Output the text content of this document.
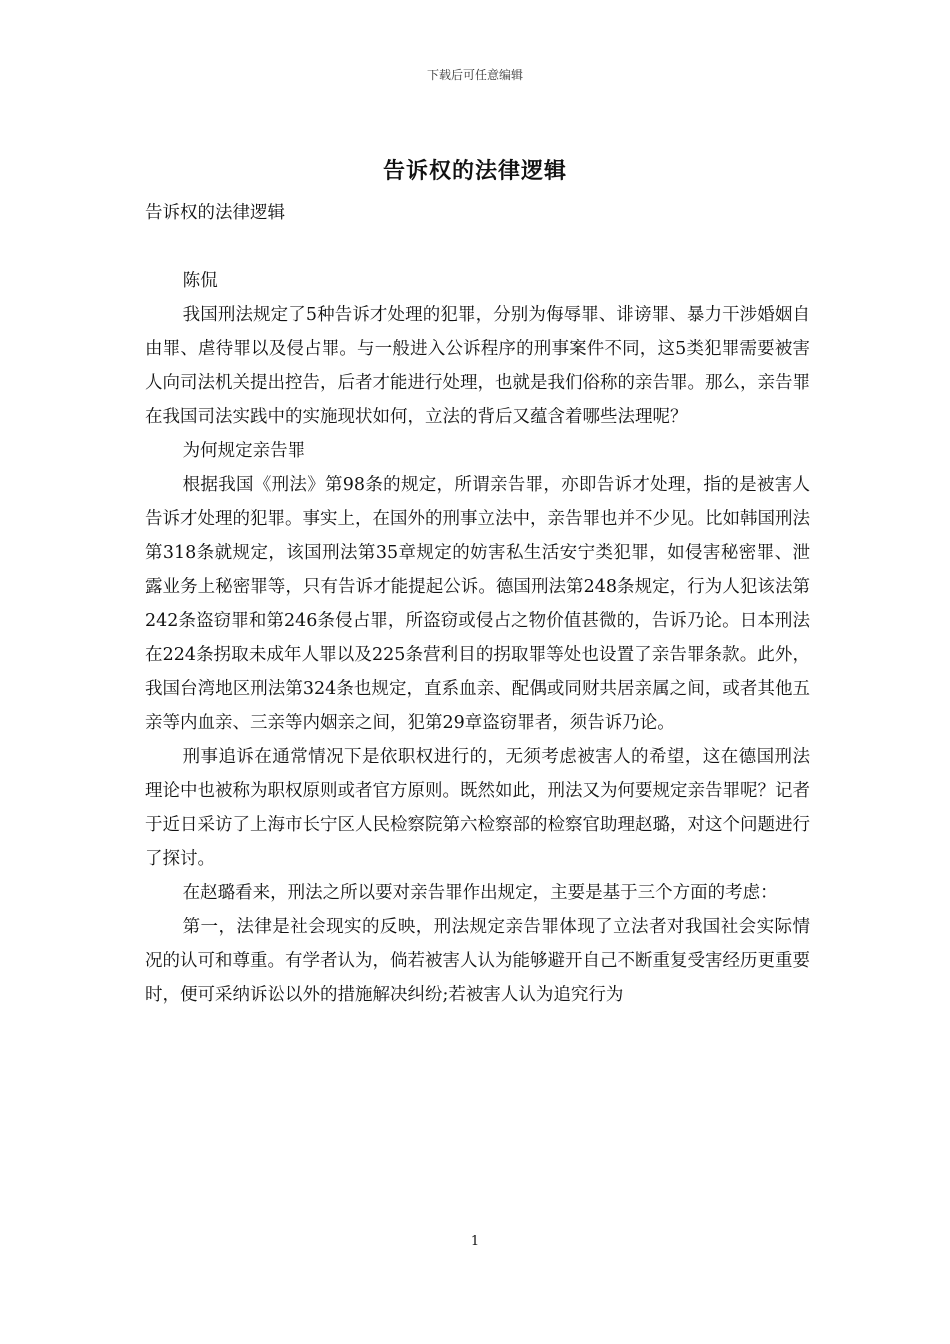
下载后可任意编辑
告诉权的法律逻辑

告诉权的法律逻辑

陈侃

我国刑法规定了5种告诉才处理的犯罪，分别为侮辱罪、诽谤罪、暴力干涉婚姻自由罪、虐待罪以及侵占罪。与一般进入公诉程序的刑事案件不同，这5类犯罪需要被害人向司法机关提出控告，后者才能进行处理，也就是我们俗称的亲告罪。那么，亲告罪在我国司法实践中的实施现状如何，立法的背后又蕴含着哪些法理呢？

为何规定亲告罪

根据我国《刑法》第98条的规定，所谓亲告罪，亦即告诉才处理，指的是被害人告诉才处理的犯罪。事实上，在国外的刑事立法中，亲告罪也并不少见。比如韩国刑法第318条就规定，该国刑法第35章规定的妨害私生活安宁类犯罪，如侵害秘密罪、泄露业务上秘密罪等，只有告诉才能提起公诉。德国刑法第248条规定，行为人犯该法第242条盗窃罪和第246条侵占罪，所盗窃或侵占之物价值甚微的，告诉乃论。日本刑法在224条拐取未成年人罪以及225条营利目的拐取罪等处也设置了亲告罪条款。此外，我国台湾地区刑法第324条也规定，直系血亲、配偶或同财共居亲属之间，或者其他五亲等内血亲、三亲等内姻亲之间，犯第29章盗窃罪者，须告诉乃论。

刑事追诉在通常情况下是依职权进行的，无须考虑被害人的希望，这在德国刑法理论中也被称为职权原则或者官方原则。既然如此，刑法又为何要规定亲告罪呢？记者于近日采访了上海市长宁区人民检察院第六检察部的检察官助理赵璐，对这个问题进行了探讨。

在赵璐看来，刑法之所以要对亲告罪作出规定，主要是基于三个方面的考虑：

第一，法律是社会现实的反映，刑法规定亲告罪体现了立法者对我国社会实际情况的认可和尊重。有学者认为，倘若被害人认为能够避开自己不断重复受害经历更重要时，便可采纳诉讼以外的措施解决纠纷;若被害人认为追究行为

1
